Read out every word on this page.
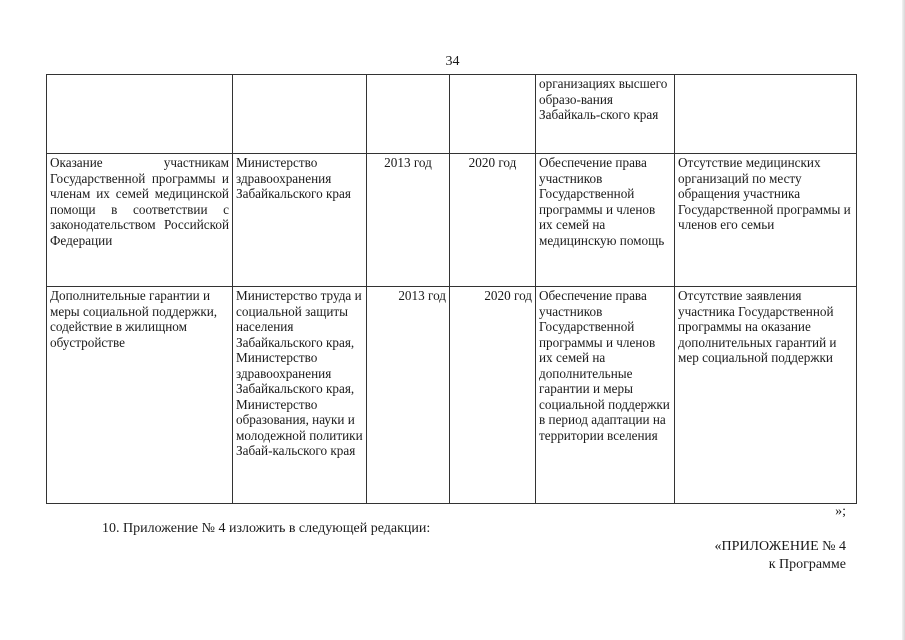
34
				организациях высшего образо-вания Забайкаль-ского края	
Оказание участникам Государственной программы и членам их семей медицинской помощи в соответствии с законодательством Российской Федерации	Министерство здравоохранения Забайкальского края	2013 год	2020 год	Обеспечение права участников Государственной программы и членов их семей на медицинскую помощь	Отсутствие медицинских организаций по месту обращения участника Государственной программы и членов его семьи
Дополнительные гарантии и меры социальной поддержки, содействие в жилищном обустройстве	Министерство труда и социальной защиты населения Забайкальского края, Министерство здравоохранения Забайкальского края, Министерство образования, науки и молодежной политики Забай-кальского края	2013 год	2020 год	Обеспечение права участников Государственной программы и членов их семей на дополнительные гарантии и меры социальной поддержки в период адаптации на территории вселения	Отсутствие заявления участника Государственной программы на оказание дополнительных гарантий и мер социальной поддержки
»;
10. Приложение № 4 изложить в следующей редакции:
«ПРИЛОЖЕНИЕ № 4
к Программе
